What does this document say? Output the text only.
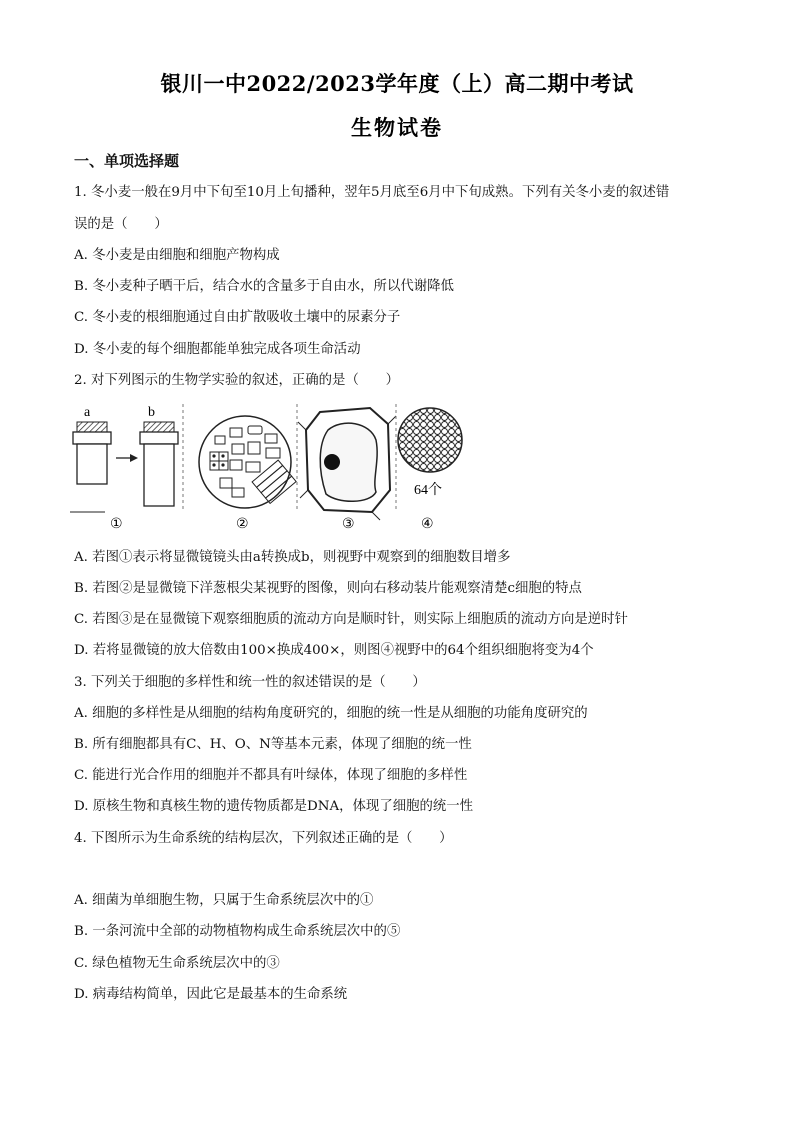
银川一中2022/2023学年度（上）高二期中考试
生物试卷
一、单项选择题
1. 冬小麦一般在9月中下旬至10月上旬播种，翌年5月底至6月中下旬成熟。下列有关冬小麦的叙述错
误的是（　　）
A. 冬小麦是由细胞和细胞产物构成
B. 冬小麦种子晒干后，结合水的含量多于自由水，所以代谢降低
C. 冬小麦的根细胞通过自由扩散吸收土壤中的尿素分子
D. 冬小麦的每个细胞都能单独完成各项生命活动
2. 对下列图示的生物学实验的叙述，正确的是（　　）
a	b
①	②	③
64个
④
A. 若图①表示将显微镜镜头由a转换成b，则视野中观察到的细胞数目增多
B. 若图②是显微镜下洋葱根尖某视野的图像，则向右移动装片能观察清楚c细胞的特点
C. 若图③是在显微镜下观察细胞质的流动方向是顺时针，则实际上细胞质的流动方向是逆时针
D. 若将显微镜的放大倍数由100×换成400×，则图④视野中的64个组织细胞将变为4个
3. 下列关于细胞的多样性和统一性的叙述错误的是（　　）
A. 细胞的多样性是从细胞的结构角度研究的，细胞的统一性是从细胞的功能角度研究的
B. 所有细胞都具有C、H、O、N等基本元素，体现了细胞的统一性
C. 能进行光合作用的细胞并不都具有叶绿体，体现了细胞的多样性
D. 原核生物和真核生物的遗传物质都是DNA，体现了细胞的统一性
4. 下图所示为生命系统的结构层次，下列叙述正确的是（　　）
A. 细菌为单细胞生物，只属于生命系统层次中的①
B. 一条河流中全部的动物植物构成生命系统层次中的⑤
C. 绿色植物无生命系统层次中的③
D. 病毒结构简单，因此它是最基本的生命系统
